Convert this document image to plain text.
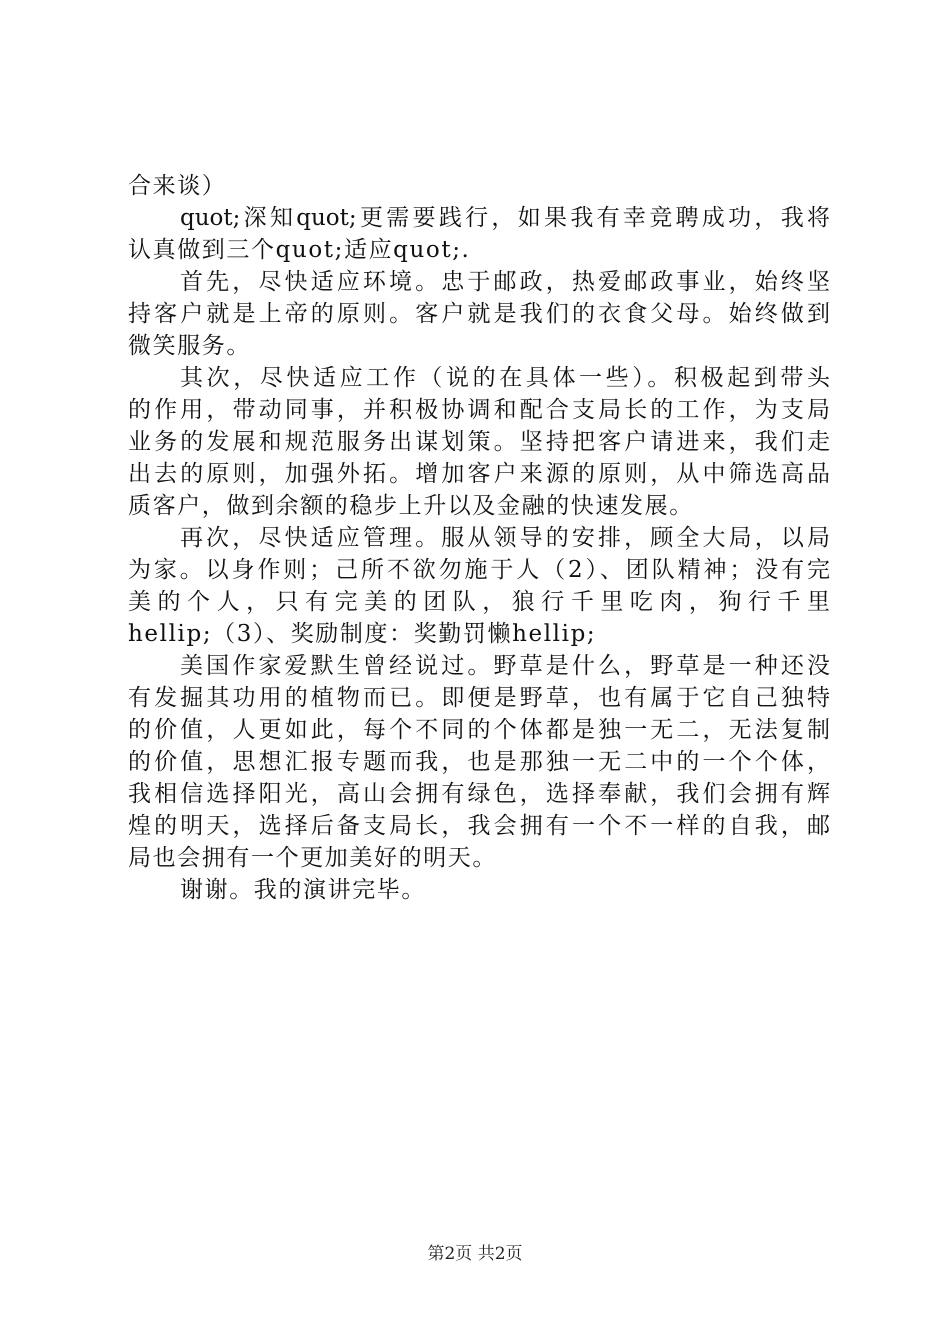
合来谈）
quot;深知quot;更需要践行，如果我有幸竞聘成功，我将
认真做到三个quot;适应quot;.
首先，尽快适应环境。忠于邮政，热爱邮政事业，始终坚
持客户就是上帝的原则。客户就是我们的衣食父母。始终做到
微笑服务。
其次，尽快适应工作（说的在具体一些）。积极起到带头
的作用，带动同事，并积极协调和配合支局长的工作，为支局
业务的发展和规范服务出谋划策。坚持把客户请进来，我们走
出去的原则，加强外拓。增加客户来源的原则，从中筛选高品
质客户，做到余额的稳步上升以及金融的快速发展。
再次，尽快适应管理。服从领导的安排，顾全大局，以局
为家。以身作则；己所不欲勿施于人（2）、团队精神；没有完
美的个人，只有完美的团队，狼行千里吃肉，狗行千里
hellip;（3）、奖励制度：奖勤罚懒hellip;
美国作家爱默生曾经说过。野草是什么，野草是一种还没
有发掘其功用的植物而已。即便是野草，也有属于它自己独特
的价值，人更如此，每个不同的个体都是独一无二，无法复制
的价值，思想汇报专题而我，也是那独一无二中的一个个体，
我相信选择阳光，高山会拥有绿色，选择奉献，我们会拥有辉
煌的明天，选择后备支局长，我会拥有一个不一样的自我，邮
局也会拥有一个更加美好的明天。
谢谢。我的演讲完毕。
第2页 共2页
